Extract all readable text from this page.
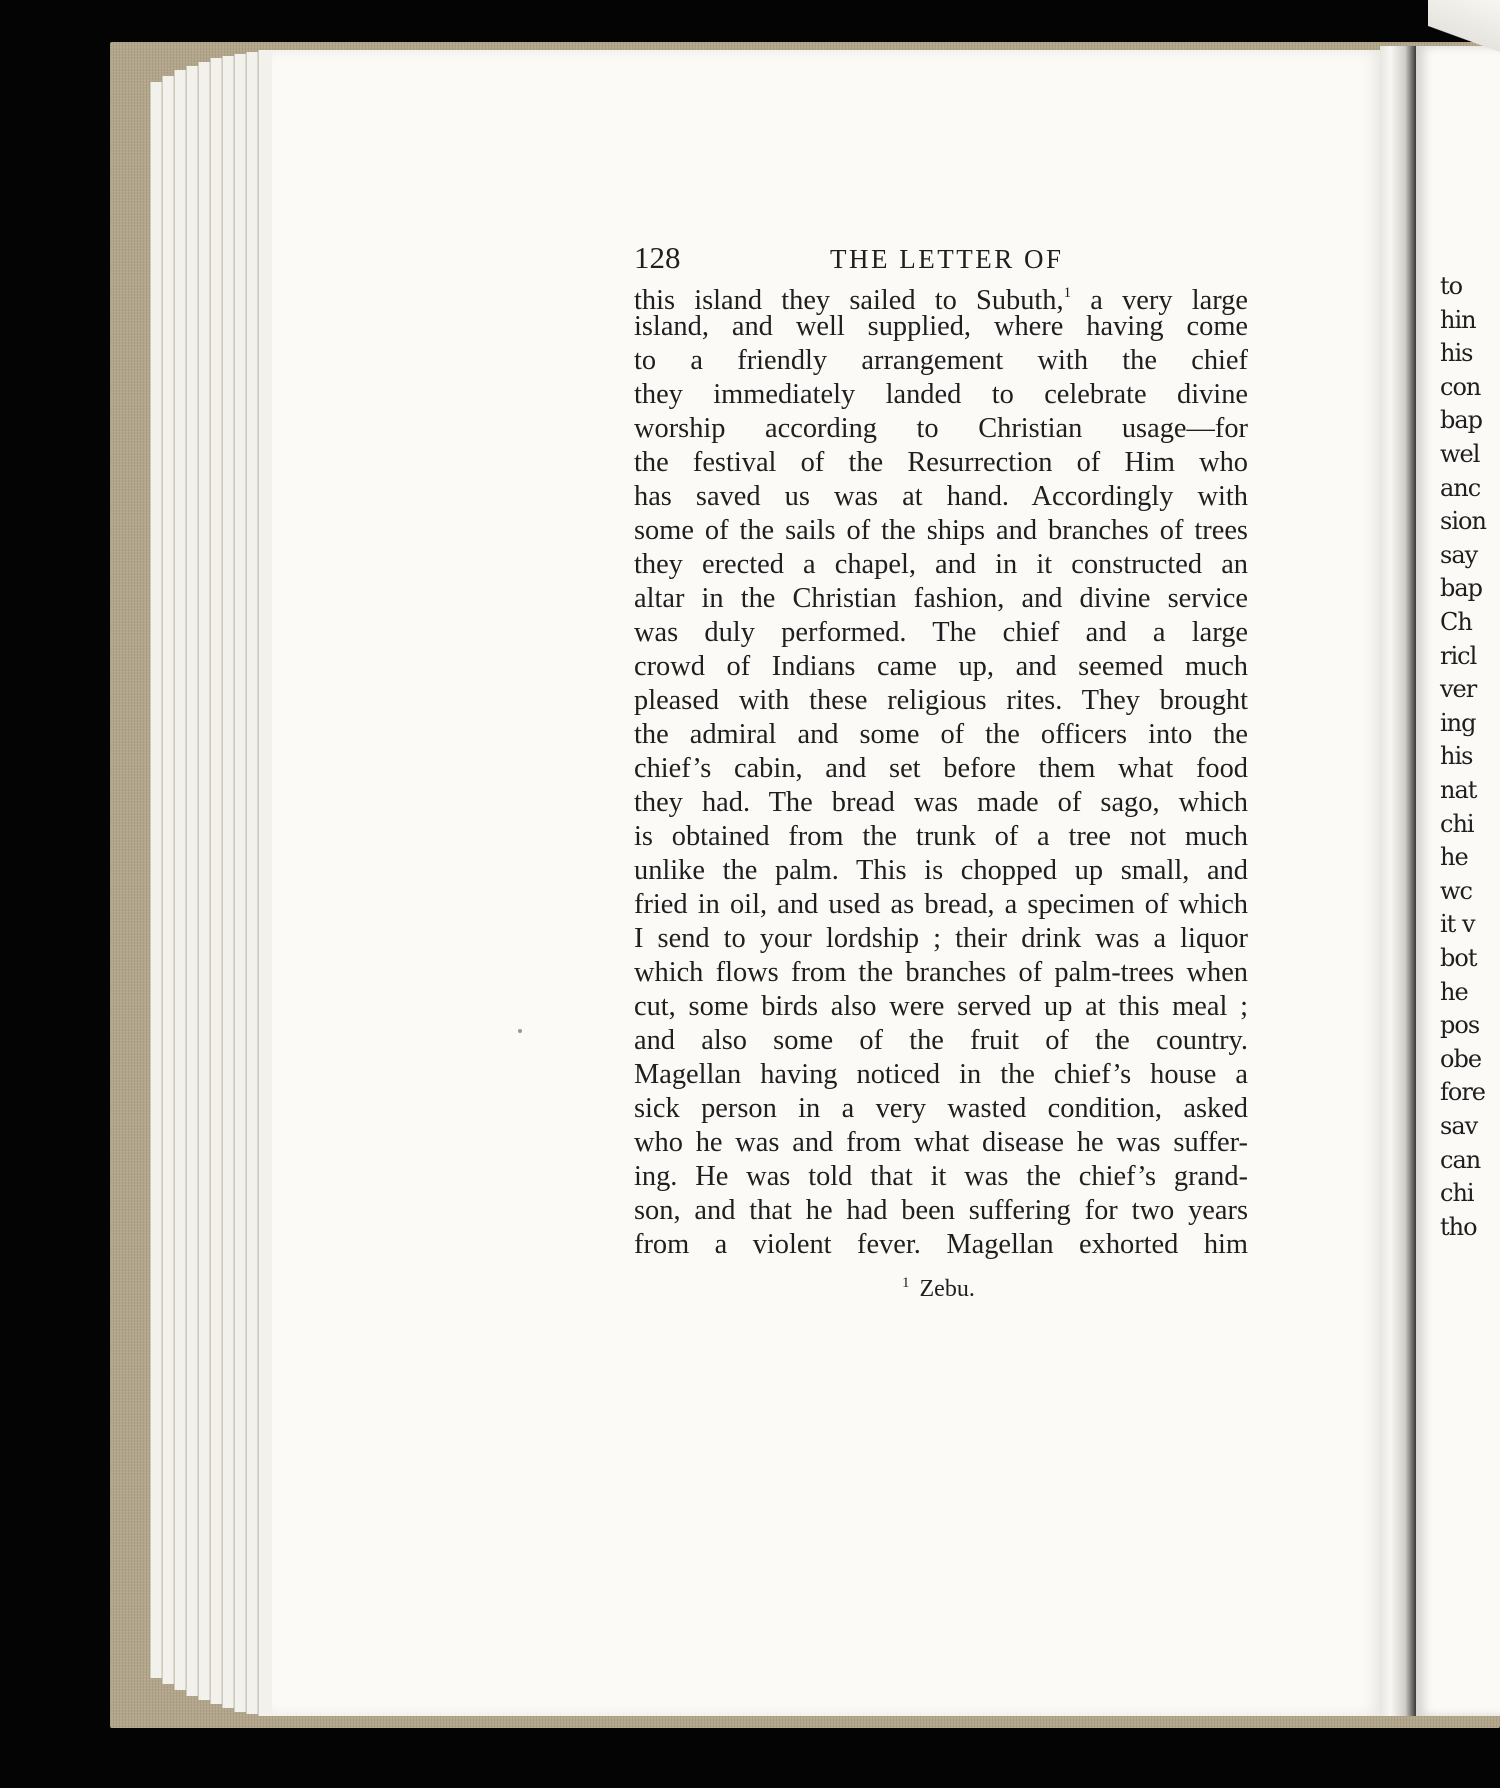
to
hin
his
con
bap
wel
anc
sion
say
bap
Ch
ricl
ver
ing
his
nat
chi
he
wc
it v
bot
he
pos
obe
fore
sav
can
chi
tho
128	THE LETTER OF
this island they sailed to Subuth,$^1$ a very large
island, and well supplied, where having come
to a friendly arrangement with the chief
they immediately landed to celebrate divine
worship according to Christian usage—for
the festival of the Resurrection of Him who
has saved us was at hand. Accordingly with
some of the sails of the ships and branches of trees
they erected a chapel, and in it constructed an
altar in the Christian fashion, and divine service
was duly performed. The chief and a large
crowd of Indians came up, and seemed much
pleased with these religious rites. They brought
the admiral and some of the officers into the
chief’s cabin, and set before them what food
they had. The bread was made of sago, which
is obtained from the trunk of a tree not much
unlike the palm. This is chopped up small, and
fried in oil, and used as bread, a specimen of which
I send to your lordship ; their drink was a liquor
which flows from the branches of palm-trees when
cut, some birds also were served up at this meal ;
and also some of the fruit of the country.
Magellan having noticed in the chief’s house a
sick person in a very wasted condition, asked
who he was and from what disease he was suffer-
ing. He was told that it was the chief’s grand-
son, and that he had been suffering for two years
from a violent fever. Magellan exhorted him
$^1$ Zebu.
